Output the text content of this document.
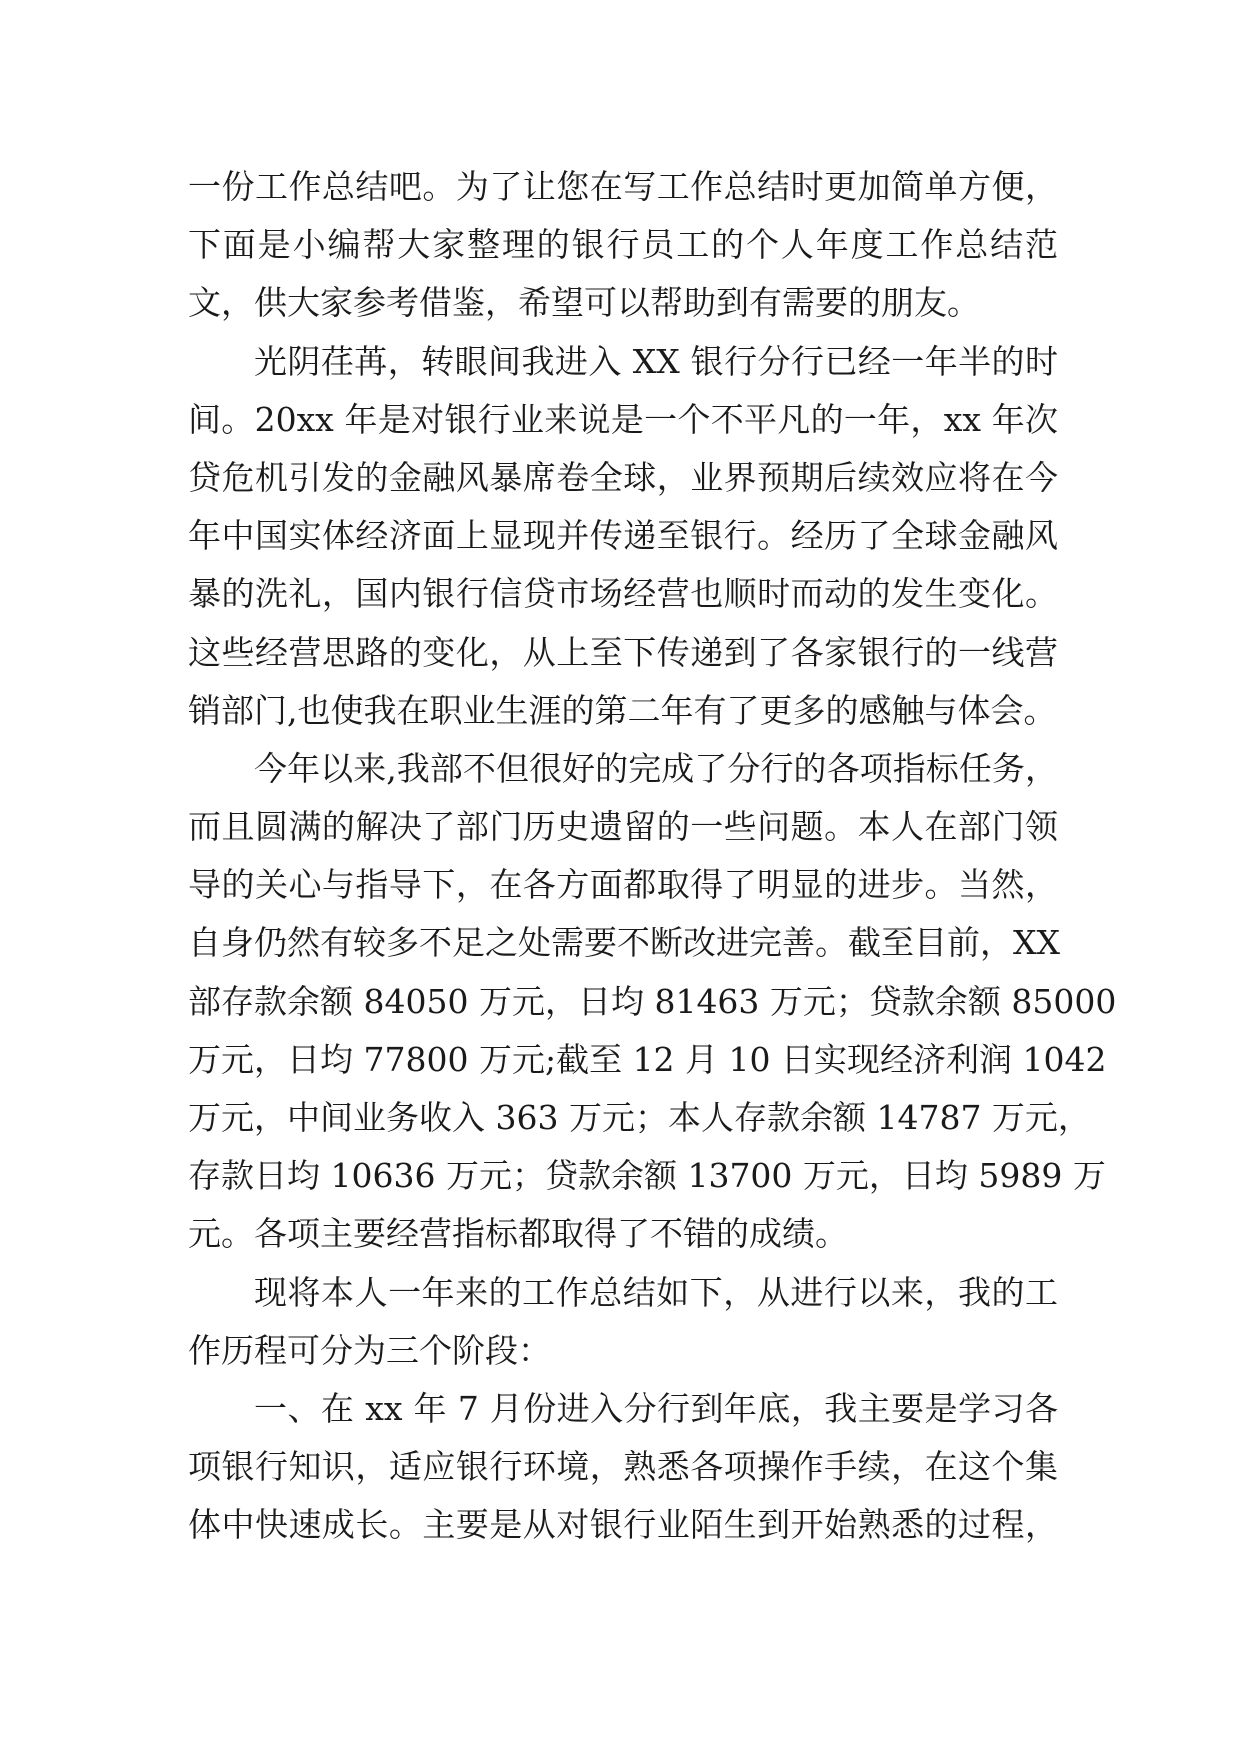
一份工作总结吧。为了让您在写工作总结时更加简单方便，
下面是小编帮大家整理的银行员工的个人年度工作总结范
文，供大家参考借鉴，希望可以帮助到有需要的朋友。
光阴荏苒，转眼间我进入 XX 银行分行已经一年半的时
间。20xx 年是对银行业来说是一个不平凡的一年，xx 年次
贷危机引发的金融风暴席卷全球，业界预期后续效应将在今
年中国实体经济面上显现并传递至银行。经历了全球金融风
暴的洗礼，国内银行信贷市场经营也顺时而动的发生变化。
这些经营思路的变化，从上至下传递到了各家银行的一线营
销部门,也使我在职业生涯的第二年有了更多的感触与体会。
今年以来,我部不但很好的完成了分行的各项指标任务，
而且圆满的解决了部门历史遗留的一些问题。本人在部门领
导的关心与指导下，在各方面都取得了明显的进步。当然，
自身仍然有较多不足之处需要不断改进完善。截至目前，XX
部存款余额 84050 万元，日均 81463 万元；贷款余额 85000
万元，日均 77800 万元;截至 12 月 10 日实现经济利润 1042
万元，中间业务收入 363 万元；本人存款余额 14787 万元，
存款日均 10636 万元；贷款余额 13700 万元，日均 5989 万
元。各项主要经营指标都取得了不错的成绩。
现将本人一年来的工作总结如下，从进行以来，我的工
作历程可分为三个阶段：
一、在 xx 年 7 月份进入分行到年底，我主要是学习各
项银行知识，适应银行环境，熟悉各项操作手续，在这个集
体中快速成长。主要是从对银行业陌生到开始熟悉的过程，
